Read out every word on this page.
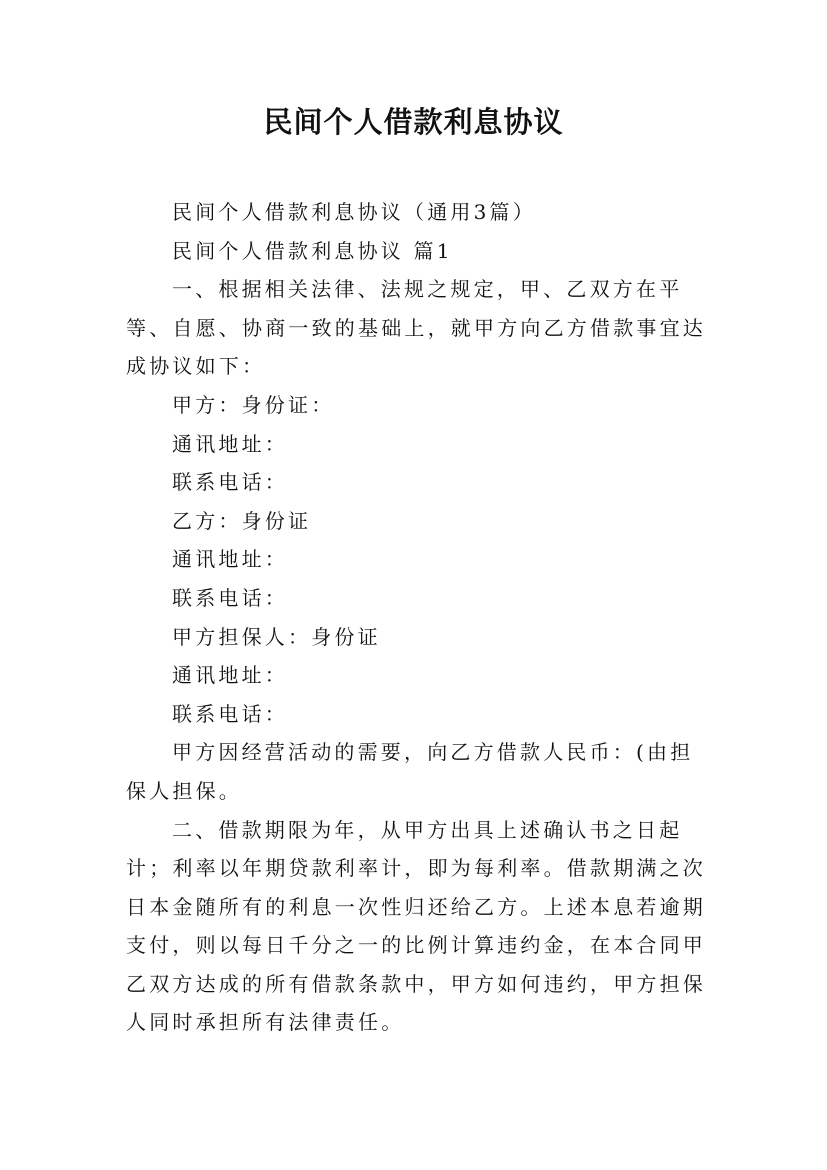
民间个人借款利息协议

民间个人借款利息协议（通用3篇）

民间个人借款利息协议 篇1

一、根据相关法律、法规之规定，甲、乙双方在平等、自愿、协商一致的基础上，就甲方向乙方借款事宜达成协议如下：

甲方：身份证：

通讯地址：

联系电话：

乙方：身份证

通讯地址：

联系电话：

甲方担保人：身份证

通讯地址：

联系电话：

甲方因经营活动的需要，向乙方借款人民币：(由担保人担保。

二、借款期限为年，从甲方出具上述确认书之日起计；利率以年期贷款利率计，即为每利率。借款期满之次日本金随所有的利息一次性归还给乙方。上述本息若逾期支付，则以每日千分之一的比例计算违约金，在本合同甲乙双方达成的所有借款条款中，甲方如何违约，甲方担保人同时承担所有法律责任。
